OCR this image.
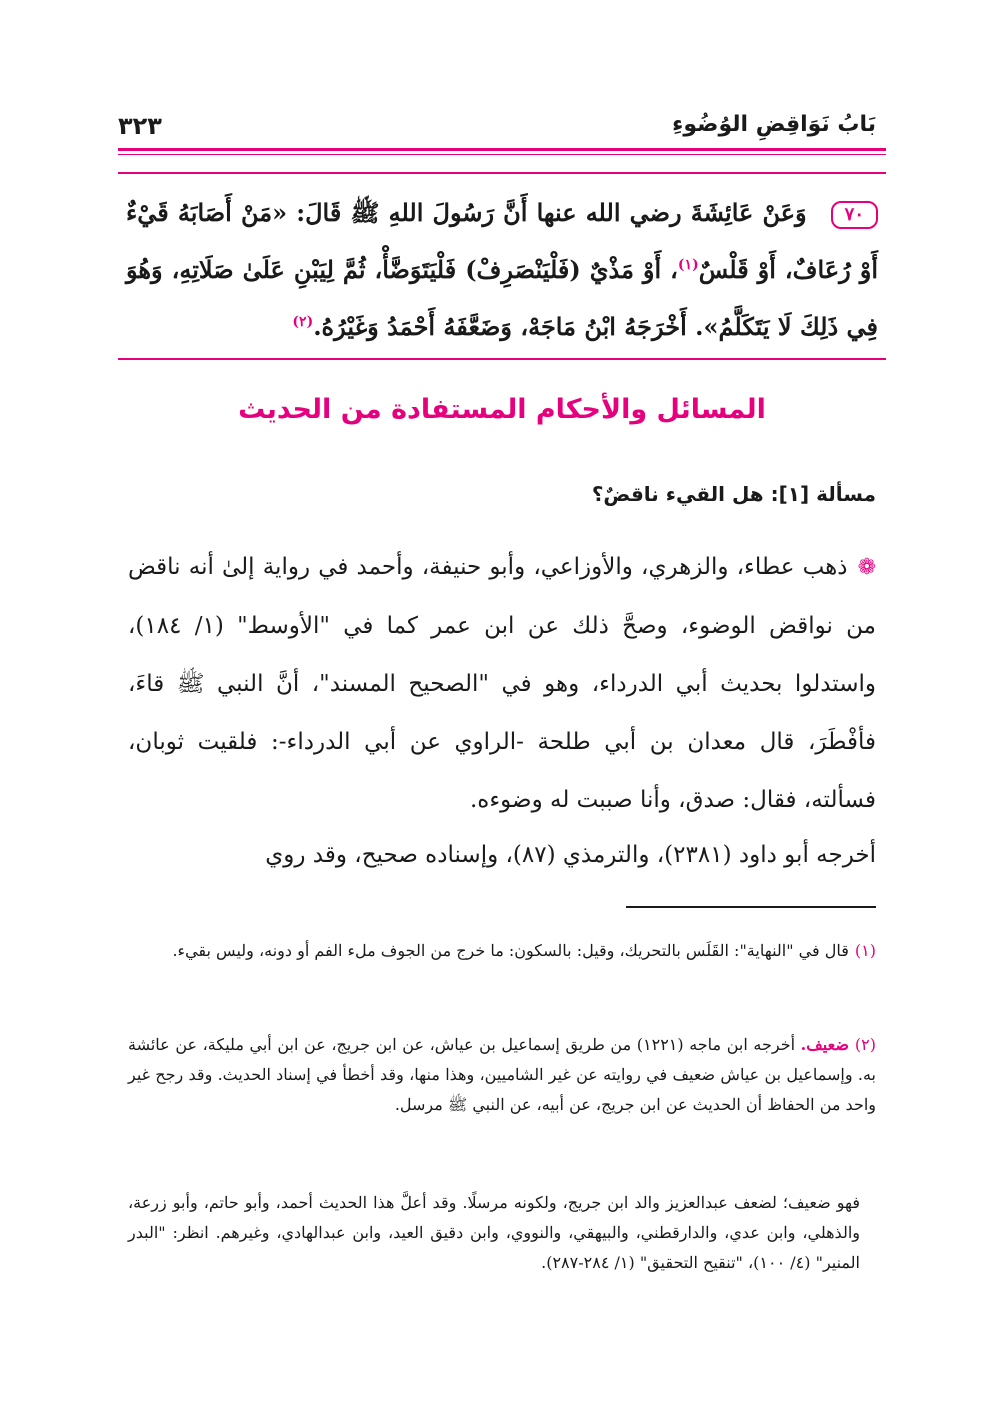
بَابُ نَوَاقِضِ الوُضُوءِ
٣٢٣
٧٠وَعَنْ عَائِشَةَ رضي الله عنها أَنَّ رَسُولَ اللهِ ﷺ قَالَ: «مَنْ أَصَابَهُ قَيْءٌ أَوْ رُعَافٌ، أَوْ قَلْسٌ$^{(١)}$، أَوْ مَذْيٌ (فَلْيَنْصَرِفْ) فَلْيَتَوَضَّأْ، ثُمَّ لِيَبْنِ عَلَىٰ صَلَاتِهِ، وَهُوَ فِي ذَلِكَ لَا يَتَكَلَّمُ». أَخْرَجَهُ ابْنُ مَاجَهْ، وَضَعَّفَهُ أَحْمَدُ وَغَيْرُهُ.$^{(٢)}$
المسائل والأحكام المستفادة من الحديث
مسألة [١]: هل القيء ناقضٌ؟
❁ذهب عطاء، والزهري، والأوزاعي، وأبو حنيفة، وأحمد في رواية إلىٰ أنه ناقض من نواقض الوضوء، وصحَّ ذلك عن ابن عمر كما في "الأوسط" (١/ ١٨٤)، واستدلوا بحديث أبي الدرداء، وهو في "الصحيح المسند"، أنَّ النبي ﷺ قاءَ، فأفْطَرَ، قال معدان بن أبي طلحة -الراوي عن أبي الدرداء-: فلقيت ثوبان، فسألته، فقال: صدق، وأنا صببت له وضوءه.
أخرجه أبو داود (٢٣٨١)، والترمذي (٨٧)، وإسناده صحيح، وقد روي
(١)قال في "النهاية": القَلَس بالتحريك، وقيل: بالسكون: ما خرج من الجوف ملء الفم أو دونه، وليس بقيء.
(٢)ضعيف. أخرجه ابن ماجه (١٢٢١) من طريق إسماعيل بن عياش، عن ابن جريج، عن ابن أبي مليكة، عن عائشة به. وإسماعيل بن عياش ضعيف في روايته عن غير الشاميين، وهذا منها، وقد أخطأ في إسناد الحديث. وقد رجح غير واحد من الحفاظ أن الحديث عن ابن جريج، عن أبيه، عن النبي ﷺ مرسل.
فهو ضعيف؛ لضعف عبدالعزيز والد ابن جريج، ولكونه مرسلًا. وقد أعلَّ هذا الحديث أحمد، وأبو حاتم، وأبو زرعة، والذهلي، وابن عدي، والدارقطني، والبيهقي، والنووي، وابن دقيق العيد، وابن عبدالهادي، وغيرهم. انظر: "البدر المنير" (٤/ ١٠٠)، "تنقيح التحقيق" (١/ ٢٨٤-٢٨٧).
